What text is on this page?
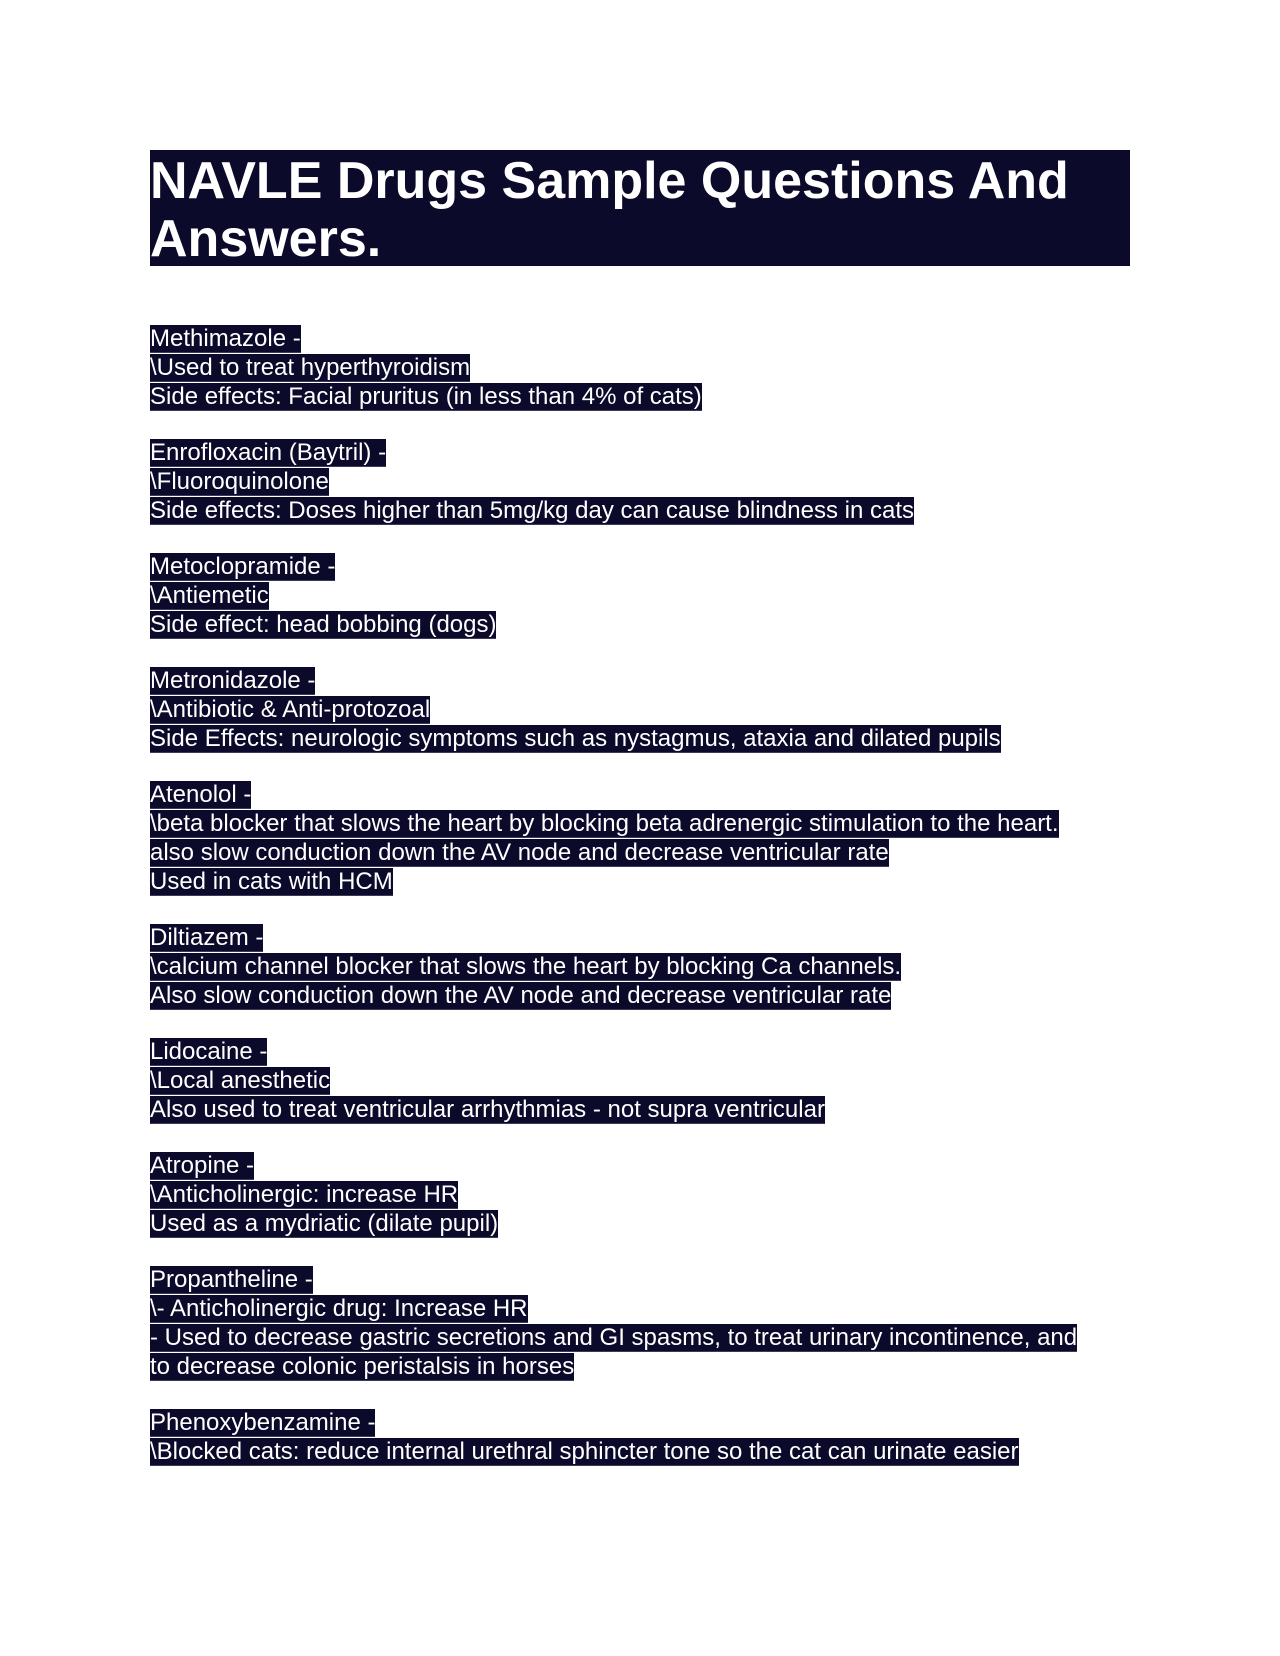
NAVLE Drugs Sample Questions And Answers.
Methimazole -
\Used to treat hyperthyroidism
Side effects: Facial pruritus (in less than 4% of cats)
Enrofloxacin (Baytril) -
\Fluoroquinolone
Side effects: Doses higher than 5mg/kg day can cause blindness in cats
Metoclopramide -
\Antiemetic
Side effect: head bobbing (dogs)
Metronidazole -
\Antibiotic & Anti-protozoal
Side Effects: neurologic symptoms such as nystagmus, ataxia and dilated pupils
Atenolol -
\beta blocker that slows the heart by blocking beta adrenergic stimulation to the heart.
also slow conduction down the AV node and decrease ventricular rate
Used in cats with HCM
Diltiazem -
\calcium channel blocker that slows the heart by blocking Ca channels.
Also slow conduction down the AV node and decrease ventricular rate
Lidocaine -
\Local anesthetic
Also used to treat ventricular arrhythmias - not supra ventricular
Atropine -
\Anticholinergic: increase HR
Used as a mydriatic (dilate pupil)
Propantheline -
\- Anticholinergic drug: Increase HR
- Used to decrease gastric secretions and GI spasms, to treat urinary incontinence, and
to decrease colonic peristalsis in horses
Phenoxybenzamine -
\Blocked cats: reduce internal urethral sphincter tone so the cat can urinate easier
